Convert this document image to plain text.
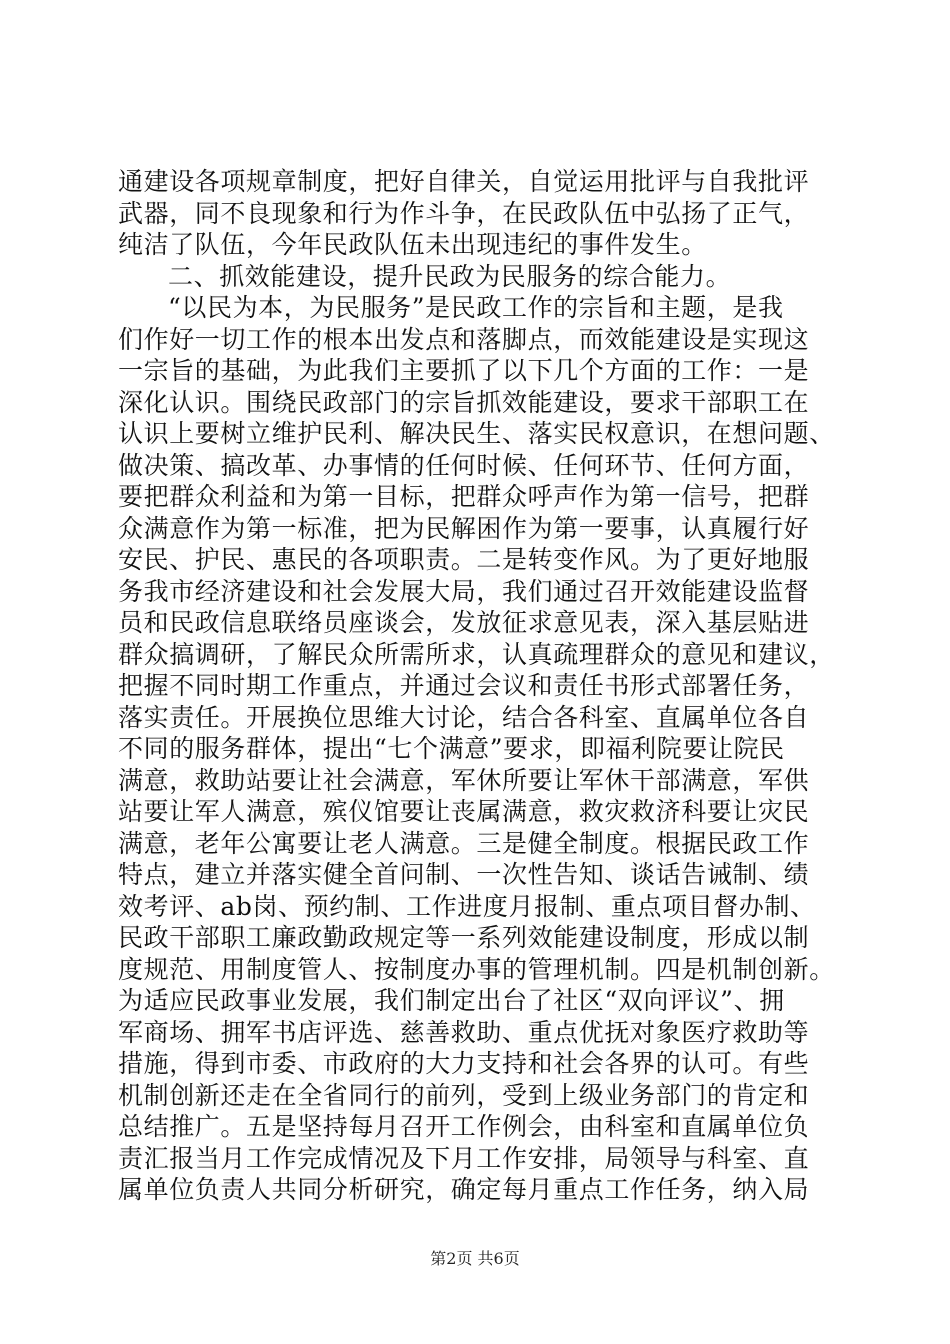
通建设各项规章制度，把好自律关，自觉运用批评与自我批评
武器，同不良现象和行为作斗争，在民政队伍中弘扬了正气，
纯洁了队伍，今年民政队伍未出现违纪的事件发生。
二、抓效能建设，提升民政为民服务的综合能力。
“以民为本，为民服务”是民政工作的宗旨和主题，是我
们作好一切工作的根本出发点和落脚点，而效能建设是实现这
一宗旨的基础，为此我们主要抓了以下几个方面的工作：一是
深化认识。围绕民政部门的宗旨抓效能建设，要求干部职工在
认识上要树立维护民利、解决民生、落实民权意识，在想问题、
做决策、搞改革、办事情的任何时候、任何环节、任何方面，
要把群众利益和为第一目标，把群众呼声作为第一信号，把群
众满意作为第一标准，把为民解困作为第一要事，认真履行好
安民、护民、惠民的各项职责。二是转变作风。为了更好地服
务我市经济建设和社会发展大局，我们通过召开效能建设监督
员和民政信息联络员座谈会，发放征求意见表，深入基层贴进
群众搞调研，了解民众所需所求，认真疏理群众的意见和建议，
把握不同时期工作重点，并通过会议和责任书形式部署任务，
落实责任。开展换位思维大讨论，结合各科室、直属单位各自
不同的服务群体，提出“七个满意”要求，即福利院要让院民
满意，救助站要让社会满意，军休所要让军休干部满意，军供
站要让军人满意，殡仪馆要让丧属满意，救灾救济科要让灾民
满意，老年公寓要让老人满意。三是健全制度。根据民政工作
特点，建立并落实健全首问制、一次性告知、谈话告诫制、绩
效考评、ab岗、预约制、工作进度月报制、重点项目督办制、
民政干部职工廉政勤政规定等一系列效能建设制度，形成以制
度规范、用制度管人、按制度办事的管理机制。四是机制创新。
为适应民政事业发展，我们制定出台了社区“双向评议”、拥
军商场、拥军书店评选、慈善救助、重点优抚对象医疗救助等
措施，得到市委、市政府的大力支持和社会各界的认可。有些
机制创新还走在全省同行的前列，受到上级业务部门的肯定和
总结推广。五是坚持每月召开工作例会，由科室和直属单位负
责汇报当月工作完成情况及下月工作安排，局领导与科室、直
属单位负责人共同分析研究，确定每月重点工作任务，纳入局
第2页 共6页
